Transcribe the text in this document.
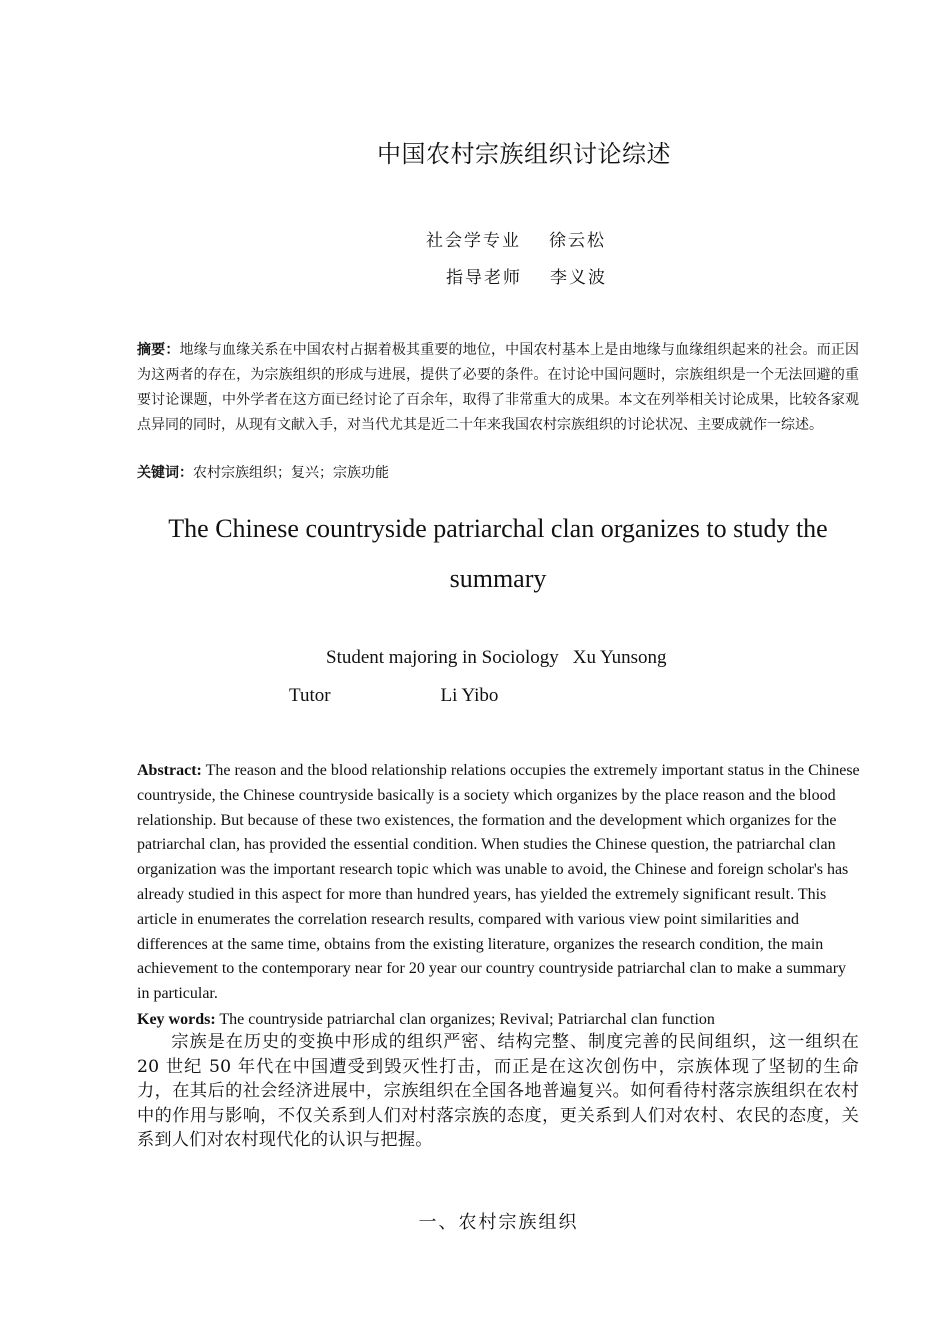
中国农村宗族组织讨论综述
社会学专业 徐云松
指导老师 李义波
摘要：地缘与血缘关系在中国农村占据着极其重要的地位，中国农村基本上是由地缘与血缘组织起来的社会。而正因为这两者的存在，为宗族组织的形成与进展，提供了必要的条件。在讨论中国问题时，宗族组织是一个无法回避的重要讨论课题，中外学者在这方面已经讨论了百余年，取得了非常重大的成果。本文在列举相关讨论成果，比较各家观点异同的同时，从现有文献入手，对当代尤其是近二十年来我国农村宗族组织的讨论状况、主要成就作一综述。
关键词：农村宗族组织；复兴；宗族功能
The Chinese countryside patriarchal clan organizes to study the summary
Student majoring in Sociology Xu Yunsong
Tutor	Li Yibo
Abstract: The reason and the blood relationship relations occupies the extremely important status in the Chinese countryside, the Chinese countryside basically is a society which organizes by the place reason and the blood relationship. But because of these two existences, the formation and the development which organizes for the patriarchal clan, has provided the essential condition. When studies the Chinese question, the patriarchal clan organization was the important research topic which was unable to avoid, the Chinese and foreign scholar's has already studied in this aspect for more than hundred years, has yielded the extremely significant result. This article in enumerates the correlation research results, compared with various view point similarities and differences at the same time, obtains from the existing literature, organizes the research condition, the main achievement to the contemporary near for 20 year our country countryside patriarchal clan to make a summary in particular.
Key words: The countryside patriarchal clan organizes; Revival; Patriarchal clan function
宗族是在历史的变换中形成的组织严密、结构完整、制度完善的民间组织，这一组织在 20 世纪 50 年代在中国遭受到毁灭性打击，而正是在这次创伤中，宗族体现了坚韧的生命力，在其后的社会经济进展中，宗族组织在全国各地普遍复兴。如何看待村落宗族组织在农村中的作用与影响，不仅关系到人们对村落宗族的态度，更关系到人们对农村、农民的态度，关系到人们对农村现代化的认识与把握。
一、农村宗族组织
